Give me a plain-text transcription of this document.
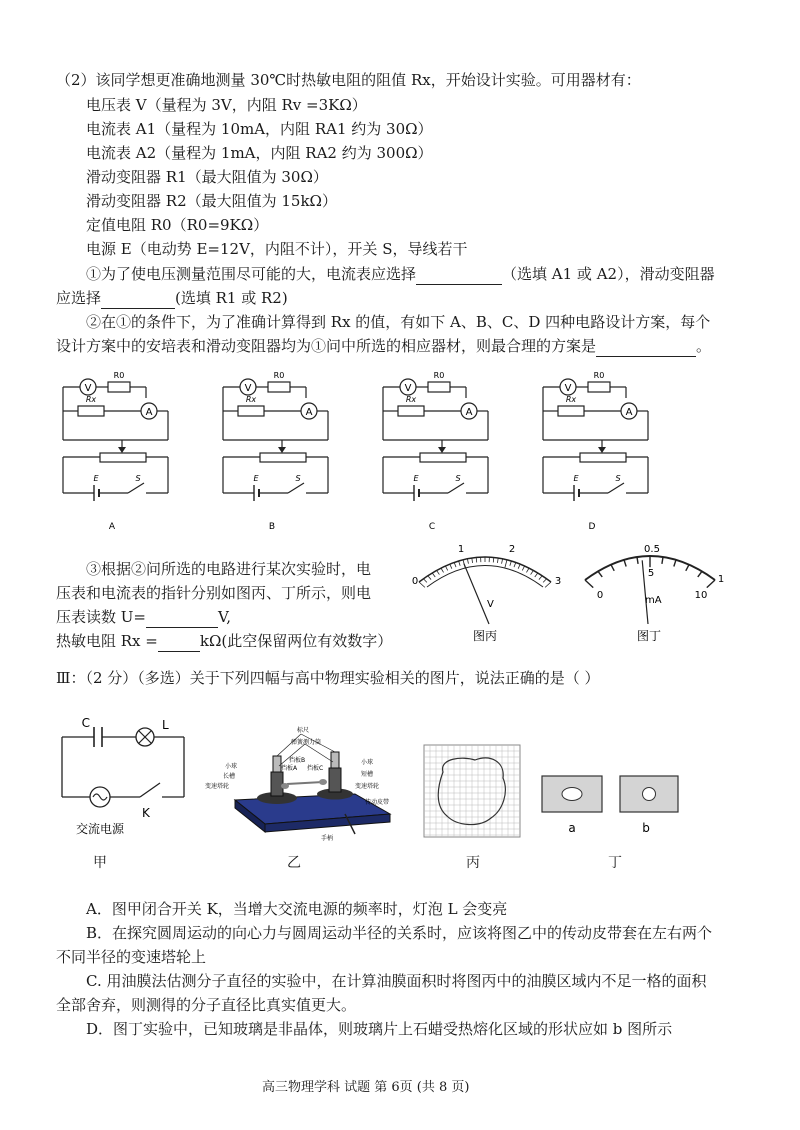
（2）该同学想更准确地测量 30℃时热敏电阻的阻值 Rx，开始设计实验。可用器材有：
电压表 V（量程为 3V，内阻 Rv =3KΩ）
电流表 A1（量程为 10mA，内阻 RA1 约为 30Ω）
电流表 A2（量程为 1mA，内阻 RA2 约为 300Ω）
滑动变阻器 R1（最大阻值为 30Ω）
滑动变阻器 R2（最大阻值为 15kΩ）
定值电阻 R0（R0=9KΩ）
电源 E（电动势 E=12V，内阻不计），开关 S，导线若干
①为了使电压测量范围尽可能的大，电流表应选择	（选填 A1 或 A2），滑动变阻器
应选择	(选填 R1 或 R2)
②在①的条件下，为了准确计算得到 Rx 的值，有如下 A、B、C、D 四种电路设计方案，每个
设计方案中的安培表和滑动变阻器均为①问中所选的相应器材，则最合理的方案是	。
V
R0
Rx
A
E	S
A
V
R0
Rx
A
E	S
B
V
R0
Rx
A
E	S
C
V
R0
Rx
A
E	S
D
③根据②问所选的电路进行某次实验时，电
压表和电流表的指针分别如图丙、丁所示，则电
压表读数 U=	V,
热敏电阻 Rx =	kΩ(此空保留两位有效数字）
0
1	2
3
V
图丙
0.5
1
0
5
10
mA
图丁
Ⅲ：（2 分）（多选）关于下列四幅与高中物理实验相关的图片，说法正确的是（ ）
C	L
K
交流电源
甲
标尺
弹簧测力筒
小球
挡板B
长槽
挡板A 挡板C
小球
短槽
变速塔轮	变速塔轮
传动皮带
手柄
乙	丙
a	b
丁
A．图甲闭合开关 K，当增大交流电源的频率时，灯泡 L 会变亮
B．在探究圆周运动的向心力与圆周运动半径的关系时，应该将图乙中的传动皮带套在左右两个
不同半径的变速塔轮上
C. 用油膜法估测分子直径的实验中，在计算油膜面积时将图丙中的油膜区域内不足一格的面积
全部舍弃，则测得的分子直径比真实值更大。
D．图丁实验中，已知玻璃是非晶体，则玻璃片上石蜡受热熔化区域的形状应如 b 图所示
高三物理学科 试题 第 6页 (共 8 页)
